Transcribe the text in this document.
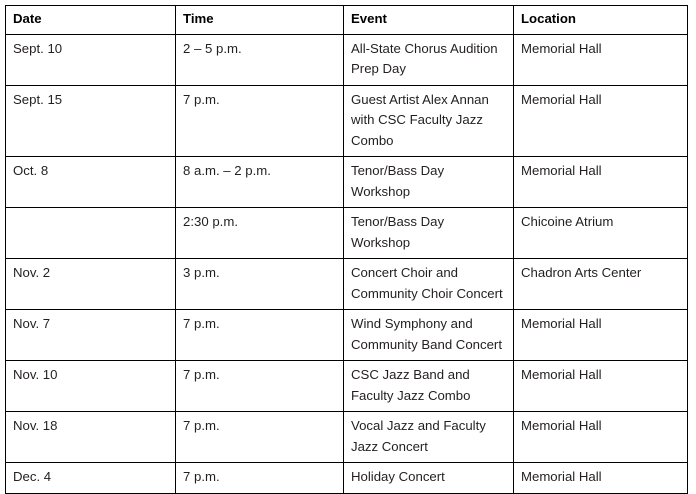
Date	Time	Event	Location
Sept. 10	2 – 5 p.m.	All-State Chorus Audition Prep Day	Memorial Hall
Sept. 15	7 p.m.	Guest Artist Alex Annan with CSC Faculty Jazz Combo	Memorial Hall
Oct. 8	8 a.m. – 2 p.m.	Tenor/Bass Day Workshop	Memorial Hall
	2:30 p.m.	Tenor/Bass Day Workshop	Chicoine Atrium
Nov. 2	3 p.m.	Concert Choir and Community Choir Concert	Chadron Arts Center
Nov. 7	7 p.m.	Wind Symphony and Community Band Concert	Memorial Hall
Nov. 10	7 p.m.	CSC Jazz Band and Faculty Jazz Combo	Memorial Hall
Nov. 18	7 p.m.	Vocal Jazz and Faculty Jazz Concert	Memorial Hall
Dec. 4	7 p.m.	Holiday Concert	Memorial Hall
